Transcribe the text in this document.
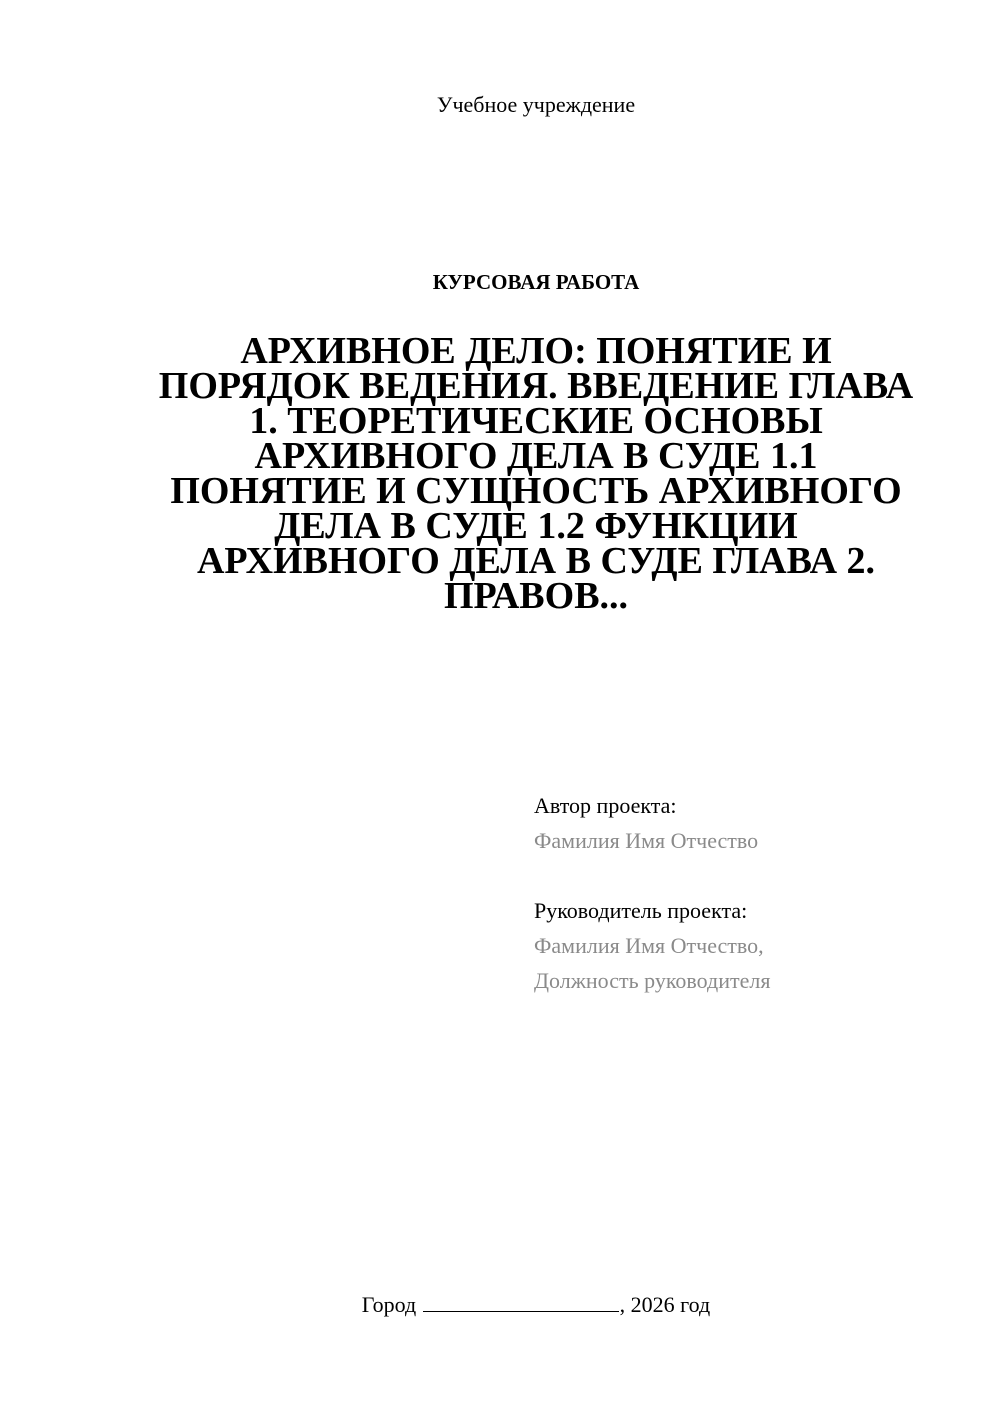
Учебное учреждение
КУРСОВАЯ РАБОТА
АРХИВНОЕ ДЕЛО: ПОНЯТИЕ И
ПОРЯДОК ВЕДЕНИЯ. ВВЕДЕНИЕ ГЛАВА
1. ТЕОРЕТИЧЕСКИЕ ОСНОВЫ
АРХИВНОГО ДЕЛА В СУДЕ 1.1
ПОНЯТИЕ И СУЩНОСТЬ АРХИВНОГО
ДЕЛА В СУДЕ 1.2 ФУНКЦИИ
АРХИВНОГО ДЕЛА В СУДЕ ГЛАВА 2.
ПРАВОВ...
Автор проекта:
Фамилия Имя Отчество
Руководитель проекта:
Фамилия Имя Отчество,
Должность руководителя
Город	, 2026 год
